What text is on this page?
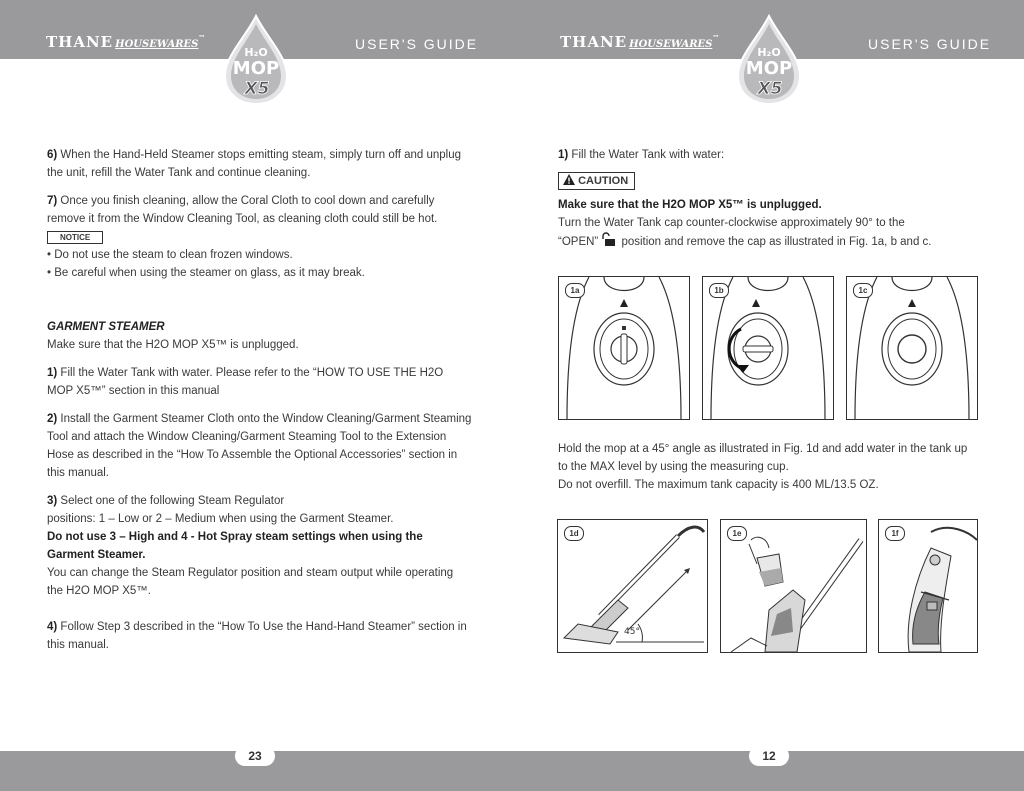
THANE HOUSEWARES™
H₂O
MOP
X5
USER'S GUIDE	THANE HOUSEWARES™
H₂O
MOP
X5
USER'S GUIDE
23	12

6) When the Hand-Held Steamer stops emitting steam, simply turn off and unplug the unit, refill the Water Tank and continue cleaning.

7) Once you finish cleaning, allow the Coral Cloth to cool down and carefully remove it from the Window Cleaning Tool, as cleaning cloth could still be hot.

NOTICE

• Do not use the steam to clean frozen windows.

• Be careful when using the steamer on glass, as it may break.

GARMENT STEAMER

Make sure that the H2O MOP X5™ is unplugged.

1) Fill the Water Tank with water. Please refer to the “HOW TO USE THE H2O MOP X5™” section in this manual

2) Install the Garment Steamer Cloth onto the Window Cleaning/Garment Steaming Tool and attach the Window Cleaning/Garment Steaming Tool to the Extension Hose as described in the “How To Assemble the Optional Accessories” section in this manual.

3) Select one of the following Steam Regulator

positions: 1 – Low or 2 – Medium when using the Garment Steamer.

Do not use 3 – High and 4 - Hot Spray steam settings when using the Garment Steamer.

You can change the Steam Regulator position and steam output while operating the H2O MOP X5™.

4) Follow Step 3 described in the “How To Use the Hand-Hand Steamer” section in this manual.

1) Fill the Water Tank with water:

CAUTION

Make sure that the H2O MOP X5™ is unplugged.

Turn the Water Tank cap counter-clockwise approximately 90° to the

“OPEN” position and remove the cap as illustrated in Fig. 1a, b and c.

Hold the mop at a 45° angle as illustrated in Fig. 1d and add water in the tank up to the MAX level by using the measuring cup.

Do not overfill. The maximum tank capacity is 400 ML/13.5 OZ.

1a	1b	1c
1d
45°
1e	1f
